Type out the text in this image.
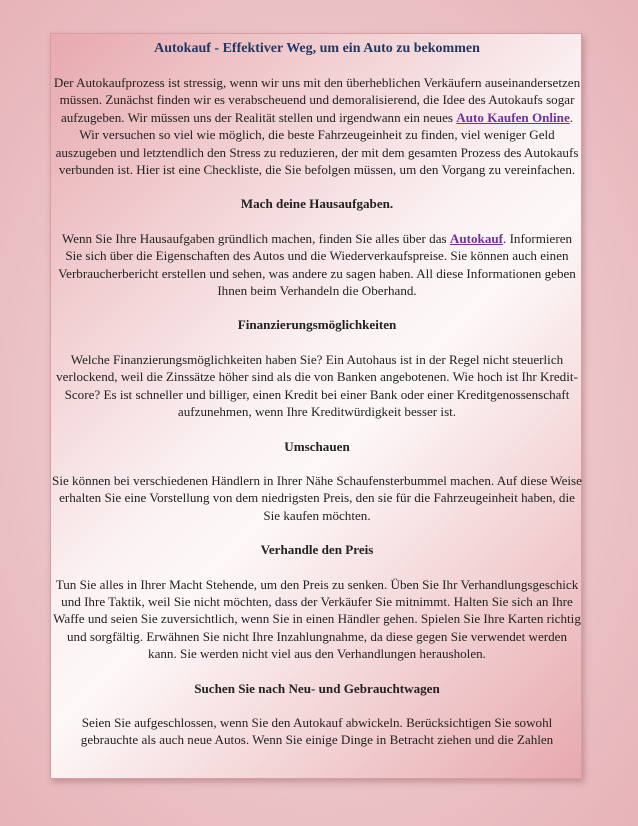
Autokauf - Effektiver Weg, um ein Auto zu bekommen

Der Autokaufprozess ist stressig, wenn wir uns mit den überheblichen Verkäufern auseinandersetzen müssen. Zunächst finden wir es verabscheuend und demoralisierend, die Idee des Autokaufs sogar aufzugeben. Wir müssen uns der Realität stellen und irgendwann ein neues Auto Kaufen Online. Wir versuchen so viel wie möglich, die beste Fahrzeugeinheit zu finden, viel weniger Geld auszugeben und letztendlich den Stress zu reduzieren, der mit dem gesamten Prozess des Autokaufs verbunden ist. Hier ist eine Checkliste, die Sie befolgen müssen, um den Vorgang zu vereinfachen.

Mach deine Hausaufgaben.

Wenn Sie Ihre Hausaufgaben gründlich machen, finden Sie alles über das Autokauf. Informieren Sie sich über die Eigenschaften des Autos und die Wiederverkaufspreise. Sie können auch einen Verbraucherbericht erstellen und sehen, was andere zu sagen haben. All diese Informationen geben Ihnen beim Verhandeln die Oberhand.

Finanzierungsmöglichkeiten

Welche Finanzierungsmöglichkeiten haben Sie? Ein Autohaus ist in der Regel nicht steuerlich verlockend, weil die Zinssätze höher sind als die von Banken angebotenen. Wie hoch ist Ihr Kredit-Score? Es ist schneller und billiger, einen Kredit bei einer Bank oder einer Kreditgenossenschaft aufzunehmen, wenn Ihre Kreditwürdigkeit besser ist.

Umschauen

Sie können bei verschiedenen Händlern in Ihrer Nähe Schaufensterbummel machen. Auf diese Weise erhalten Sie eine Vorstellung von dem niedrigsten Preis, den sie für die Fahrzeugeinheit haben, die Sie kaufen möchten.

Verhandle den Preis

Tun Sie alles in Ihrer Macht Stehende, um den Preis zu senken. Üben Sie Ihr Verhandlungsgeschick und Ihre Taktik, weil Sie nicht möchten, dass der Verkäufer Sie mitnimmt. Halten Sie sich an Ihre Waffe und seien Sie zuversichtlich, wenn Sie in einen Händler gehen. Spielen Sie Ihre Karten richtig und sorgfältig. Erwähnen Sie nicht Ihre Inzahlungnahme, da diese gegen Sie verwendet werden kann. Sie werden nicht viel aus den Verhandlungen herausholen.

Suchen Sie nach Neu- und Gebrauchtwagen

Seien Sie aufgeschlossen, wenn Sie den Autokauf abwickeln. Berücksichtigen Sie sowohl gebrauchte als auch neue Autos. Wenn Sie einige Dinge in Betracht ziehen und die Zahlen
